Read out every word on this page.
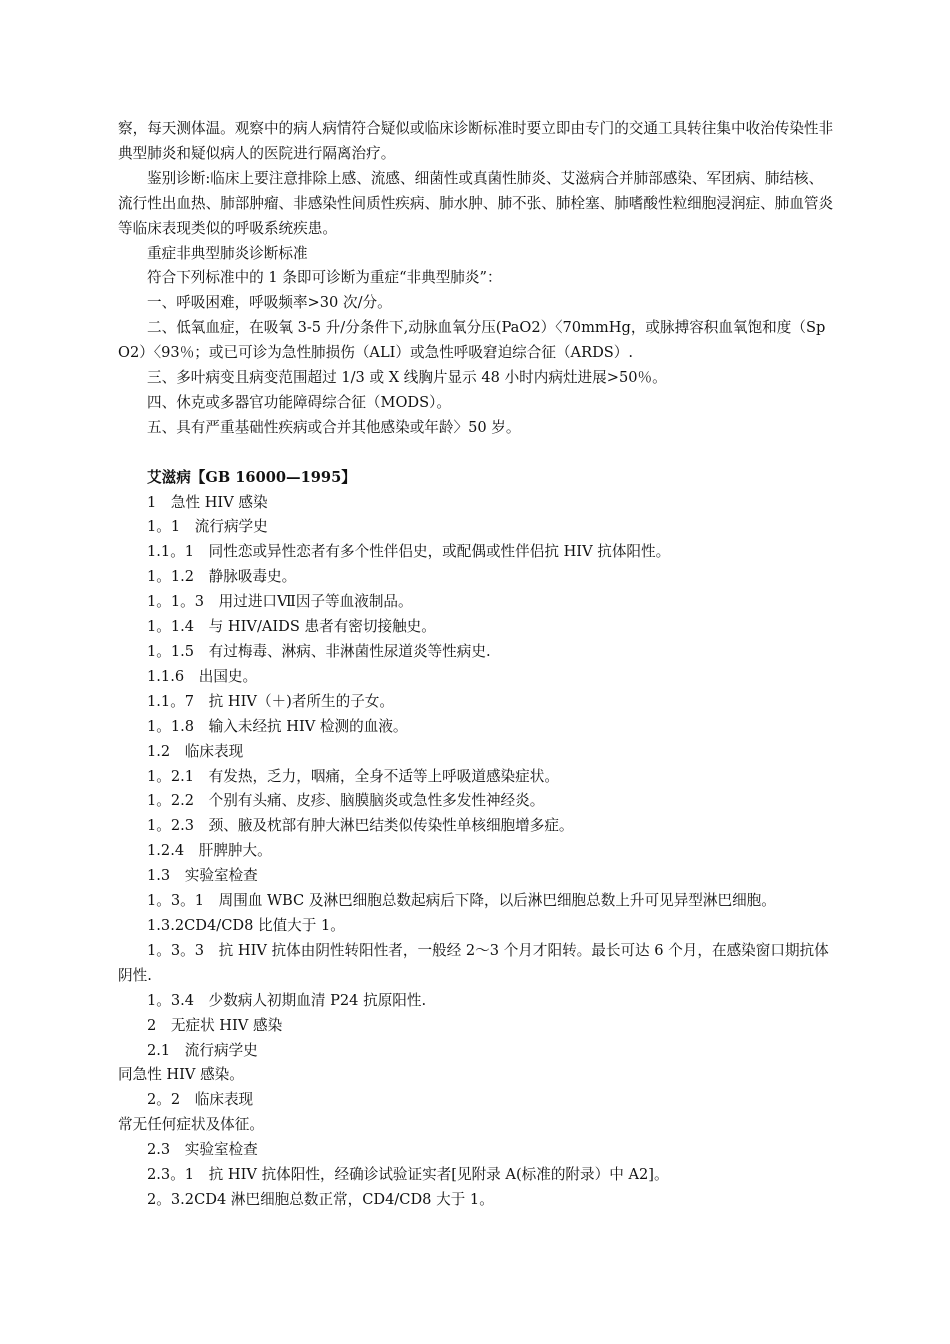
察，每天测体温。观察中的病人病情符合疑似或临床诊断标准时要立即由专门的交通工具转往集中收治传染性非典型肺炎和疑似病人的医院进行隔离治疗。

鉴别诊断:临床上要注意排除上感、流感、细菌性或真菌性肺炎、艾滋病合并肺部感染、军团病、肺结核、流行性出血热、肺部肿瘤、非感染性间质性疾病、肺水肿、肺不张、肺栓塞、肺嗜酸性粒细胞浸润症、肺血管炎等临床表现类似的呼吸系统疾患。

重症非典型肺炎诊断标准

符合下列标准中的 1 条即可诊断为重症“非典型肺炎”：

一、呼吸困难，呼吸频率>30 次/分。

二、低氧血症，在吸氧 3-5 升/分条件下,动脉血氧分压(PaO2）〈70mmHg，或脉搏容积血氧饱和度（SpO2）〈93％；或已可诊为急性肺损伤（ALI）或急性呼吸窘迫综合征（ARDS）.

三、多叶病变且病变范围超过 1/3 或 X 线胸片显示 48 小时内病灶进展>50％。

四、休克或多器官功能障碍综合征（MODS）。

五、具有严重基础性疾病或合并其他感染或年龄〉50 岁。

艾滋病【GB 16000—1995】

1　急性 HIV 感染

1。1　流行病学史

1.1。1　同性恋或异性恋者有多个性伴侣史，或配偶或性伴侣抗 HIV 抗体阳性。

1。1.2　静脉吸毒史。

1。1。3　用过进口Ⅶ因子等血液制品。

1。1.4　与 HIV/AIDS 患者有密切接触史。

1。1.5　有过梅毒、淋病、非淋菌性尿道炎等性病史.

1.1.6　出国史。

1.1。7　抗 HIV（＋)者所生的子女。

1。1.8　输入未经抗 HIV 检测的血液。

1.2　临床表现

1。2.1　有发热，乏力，咽痛，全身不适等上呼吸道感染症状。

1。2.2　个别有头痛、皮疹、脑膜脑炎或急性多发性神经炎。

1。2.3　颈、腋及枕部有肿大淋巴结类似传染性单核细胞增多症。

1.2.4　肝脾肿大。

1.3　实验室检查

1。3。1　周围血 WBC 及淋巴细胞总数起病后下降，以后淋巴细胞总数上升可见异型淋巴细胞。

1.3.2CD4/CD8 比值大于 1。

1。3。3　抗 HIV 抗体由阴性转阳性者，一般经 2～3 个月才阳转。最长可达 6 个月，在感染窗口期抗体阴性.

1。3.4　少数病人初期血清 P24 抗原阳性.

2　无症状 HIV 感染

2.1　流行病学史

同急性 HIV 感染。

2。2　临床表现

常无任何症状及体征。

2.3　实验室检查

2.3。1　抗 HIV 抗体阳性，经确诊试验证实者[见附录 A(标准的附录）中 A2]。

2。3.2CD4 淋巴细胞总数正常，CD4/CD8 大于 1。
